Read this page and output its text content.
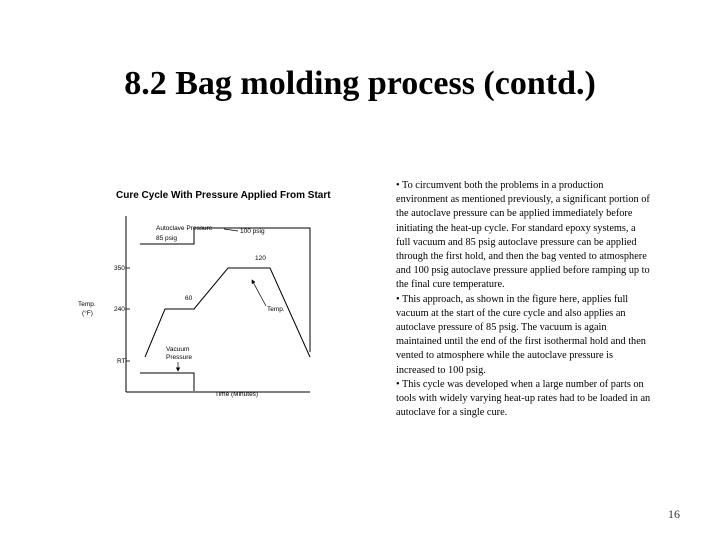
8.2 Bag molding process (contd.)
Cure Cycle With Pressure Applied From Start
Temp.
(°F)
350
240
RT
Autoclave Pressure
85 psig
100 psig
120
60
Temp.
Vacuum
Pressure
Time (Minutes)

• To circumvent both the problems in a production environment as mentioned previously, a significant portion of the autoclave pressure can be applied immediately before initiating the heat-up cycle. For standard epoxy systems, a full vacuum and 85 psig autoclave pressure can be applied through the first hold, and then the bag vented to atmosphere and 100 psig autoclave pressure applied before ramping up to the final cure temperature.

• This approach, as shown in the figure here, applies full vacuum at the start of the cure cycle and also applies an autoclave pressure of 85 psig. The vacuum is again maintained until the end of the first isothermal hold and then vented to atmosphere while the autoclave pressure is increased to 100 psig.

• This cycle was developed when a large number of parts on tools with widely varying heat-up rates had to be loaded in an autoclave for a single cure.

16
